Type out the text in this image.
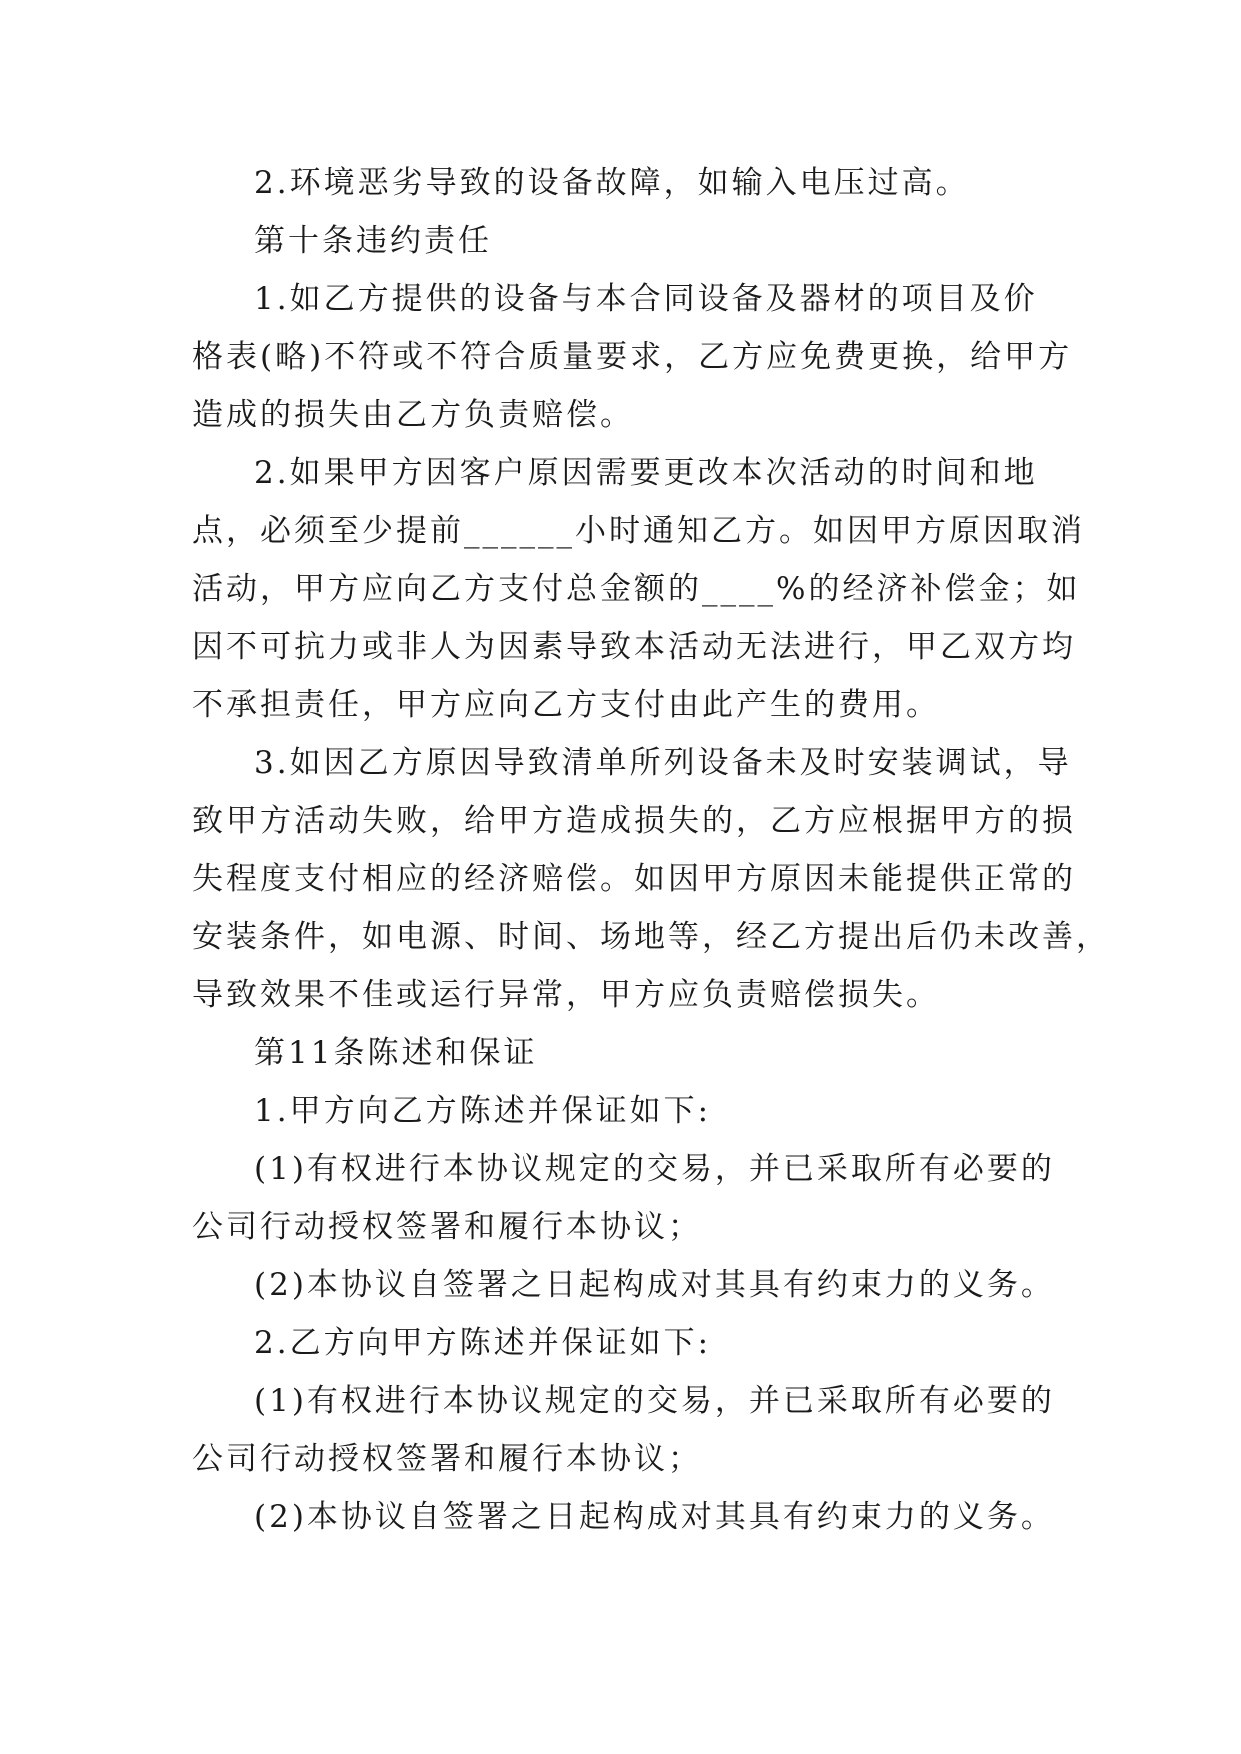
2.环境恶劣导致的设备故障，如输入电压过高。

第十条违约责任

1.如乙方提供的设备与本合同设备及器材的项目及价
格表(略)不符或不符合质量要求，乙方应免费更换，给甲方
造成的损失由乙方负责赔偿。

2.如果甲方因客户原因需要更改本次活动的时间和地
点，必须至少提前______小时通知乙方。如因甲方原因取消
活动，甲方应向乙方支付总金额的____%的经济补偿金；如
因不可抗力或非人为因素导致本活动无法进行，甲乙双方均
不承担责任，甲方应向乙方支付由此产生的费用。

3.如因乙方原因导致清单所列设备未及时安装调试，导
致甲方活动失败，给甲方造成损失的，乙方应根据甲方的损
失程度支付相应的经济赔偿。如因甲方原因未能提供正常的
安装条件，如电源、时间、场地等，经乙方提出后仍未改善，
导致效果不佳或运行异常，甲方应负责赔偿损失。

第11条陈述和保证

1.甲方向乙方陈述并保证如下:

(1)有权进行本协议规定的交易，并已采取所有必要的
公司行动授权签署和履行本协议；

(2)本协议自签署之日起构成对其具有约束力的义务。

2.乙方向甲方陈述并保证如下:

(1)有权进行本协议规定的交易，并已采取所有必要的
公司行动授权签署和履行本协议；

(2)本协议自签署之日起构成对其具有约束力的义务。
